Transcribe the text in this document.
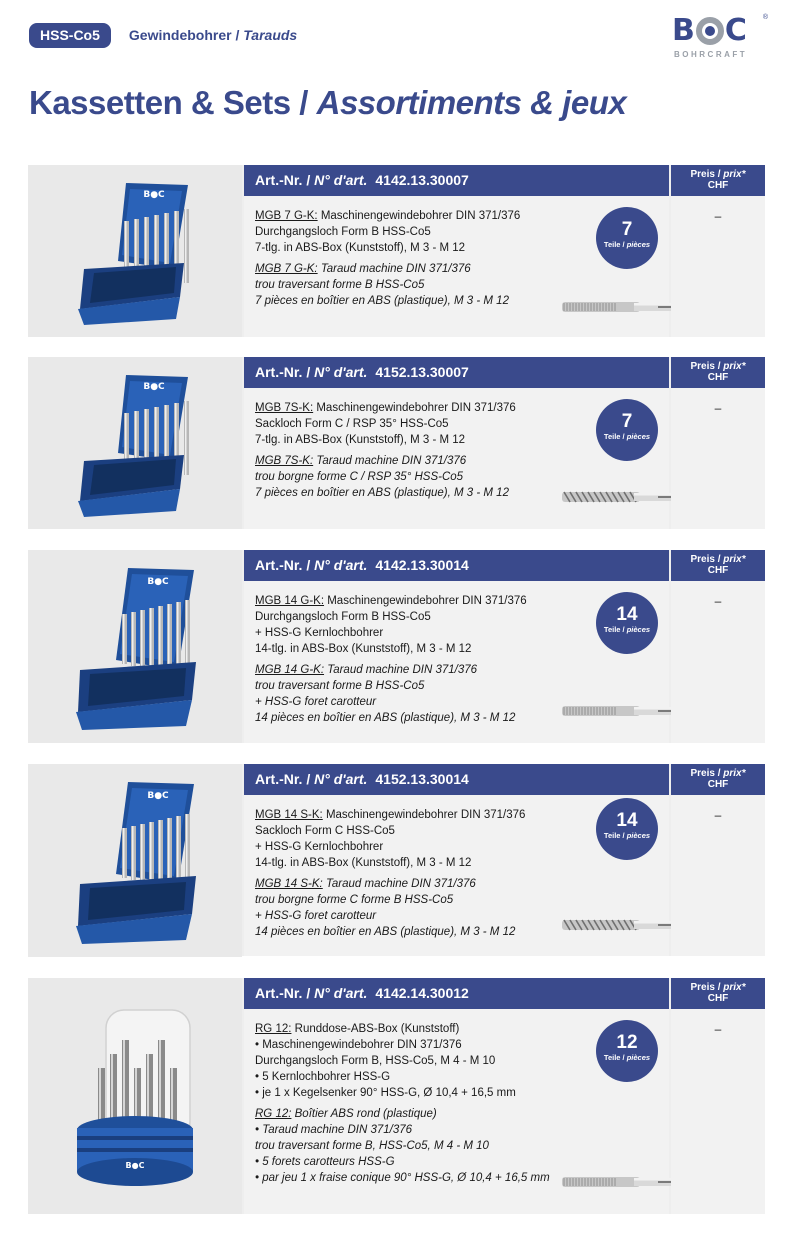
HSS-Co5	Gewindebohrer / Tarauds	B C
BOHRCRAFT
®
Kassetten & Sets / Assortiments & jeux
B●C
Art.-Nr. / N° d'art. 4142.13.30007
MGB 7 G-K: Maschinengewindebohrer DIN 371/376
Durchgangsloch Form B HSS-Co5
7-tlg. in ABS-Box (Kunststoff), M 3 - M 12
MGB 7 G-K: Taraud machine DIN 371/376
trou traversant forme B HSS-Co5
7 pièces en boîtier en ABS (plastique), M 3 - M 12
7
Teile / pièces
Preis / prix*
CHF
–
B●C
Art.-Nr. / N° d'art. 4152.13.30007
MGB 7S-K: Maschinengewindebohrer DIN 371/376
Sackloch Form C / RSP 35° HSS-Co5
7-tlg. in ABS-Box (Kunststoff), M 3 - M 12
MGB 7S-K: Taraud machine DIN 371/376
trou borgne forme C / RSP 35° HSS-Co5
7 pièces en boîtier en ABS (plastique), M 3 - M 12
7
Teile / pièces
Preis / prix*
CHF
–
B●C
Art.-Nr. / N° d'art. 4142.13.30014
MGB 14 G-K: Maschinengewindebohrer DIN 371/376
Durchgangsloch Form B HSS-Co5
+ HSS-G Kernlochbohrer
14-tlg. in ABS-Box (Kunststoff), M 3 - M 12
MGB 14 G-K: Taraud machine DIN 371/376
trou traversant forme B HSS-Co5
+ HSS-G foret carotteur
14 pièces en boîtier en ABS (plastique), M 3 - M 12
14
Teile / pièces
Preis / prix*
CHF
–
B●C
Art.-Nr. / N° d'art. 4152.13.30014
MGB 14 S-K: Maschinengewindebohrer DIN 371/376
Sackloch Form C HSS-Co5
+ HSS-G Kernlochbohrer
14-tlg. in ABS-Box (Kunststoff), M 3 - M 12
MGB 14 S-K: Taraud machine DIN 371/376
trou borgne forme C forme B HSS-Co5
+ HSS-G foret carotteur
14 pièces en boîtier en ABS (plastique), M 3 - M 12
14
Teile / pièces
Preis / prix*
CHF
–
B●C
Art.-Nr. / N° d'art. 4142.14.30012
RG 12: Runddose-ABS-Box (Kunststoff)
• Maschinengewindebohrer DIN 371/376
Durchgangsloch Form B, HSS-Co5, M 4 - M 10
• 5 Kernlochbohrer HSS-G
• je 1 x Kegelsenker 90° HSS-G, Ø 10,4 + 16,5 mm
RG 12: Boîtier ABS rond (plastique)
• Taraud machine DIN 371/376
trou traversant forme B, HSS-Co5, M 4 - M 10
• 5 forets carotteurs HSS-G
• par jeu 1 x fraise conique 90° HSS-G, Ø 10,4 + 16,5 mm
12
Teile / pièces
Preis / prix*
CHF
–
